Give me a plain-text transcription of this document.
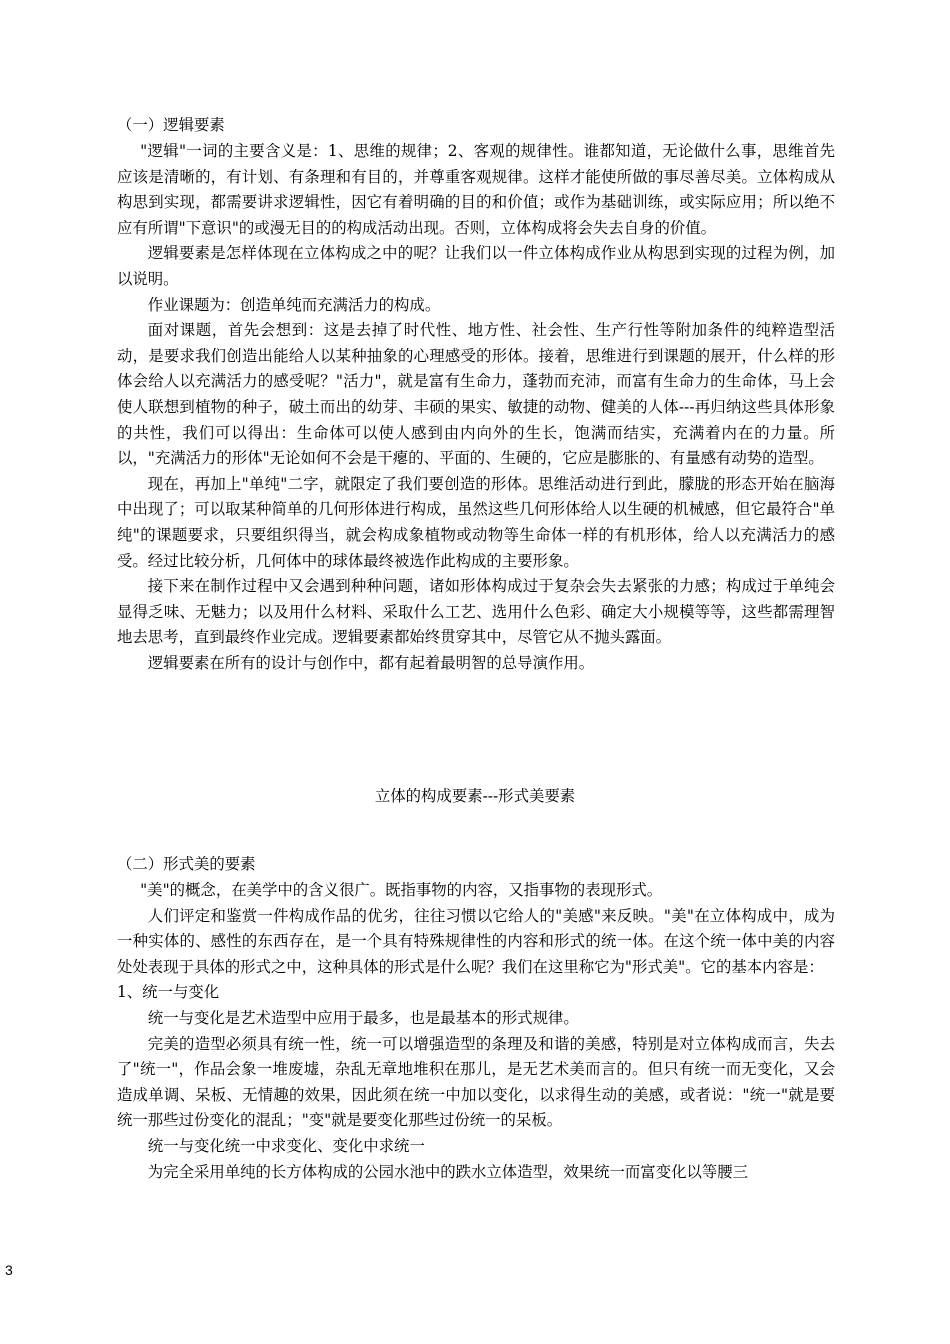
（一）逻辑要素

"逻辑"一词的主要含义是：1、思维的规律；2、客观的规律性。谁都知道，无论做什么事，思维首先应该是清晰的，有计划、有条理和有目的，并尊重客观规律。这样才能使所做的事尽善尽美。立体构成从构思到实现，都需要讲求逻辑性，因它有着明确的目的和价值；或作为基础训练，或实际应用；所以绝不应有所谓"下意识"的或漫无目的的构成活动出现。否则，立体构成将会失去自身的价值。

逻辑要素是怎样体现在立体构成之中的呢？让我们以一件立体构成作业从构思到实现的过程为例，加以说明。

作业课题为：创造单纯而充满活力的构成。

面对课题，首先会想到：这是去掉了时代性、地方性、社会性、生产行性等附加条件的纯粹造型活动，是要求我们创造出能给人以某种抽象的心理感受的形体。接着，思维进行到课题的展开，什么样的形体会给人以充满活力的感受呢？"活力"，就是富有生命力，蓬勃而充沛，而富有生命力的生命体，马上会使人联想到植物的种子，破土而出的幼芽、丰硕的果实、敏捷的动物、健美的人体---再归纳这些具体形象的共性，我们可以得出：生命体可以使人感到由内向外的生长，饱满而结实，充满着内在的力量。所以，"充满活力的形体"无论如何不会是干瘪的、平面的、生硬的，它应是膨胀的、有量感有动势的造型。

现在，再加上"单纯"二字，就限定了我们要创造的形体。思维活动进行到此，朦胧的形态开始在脑海中出现了；可以取某种简单的几何形体进行构成，虽然这些几何形体给人以生硬的机械感，但它最符合"单纯"的课题要求，只要组织得当，就会构成象植物或动物等生命体一样的有机形体，给人以充满活力的感受。经过比较分析，几何体中的球体最终被选作此构成的主要形象。

接下来在制作过程中又会遇到种种问题，诸如形体构成过于复杂会失去紧张的力感；构成过于单纯会显得乏味、无魅力；以及用什么材料、采取什么工艺、选用什么色彩、确定大小规模等等，这些都需理智地去思考，直到最终作业完成。逻辑要素都始终贯穿其中，尽管它从不抛头露面。

逻辑要素在所有的设计与创作中，都有起着最明智的总导演作用。

立体的构成要素---形式美要素
（二）形式美的要素

"美"的概念，在美学中的含义很广。既指事物的内容，又指事物的表现形式。

人们评定和鉴赏一件构成作品的优劣，往往习惯以它给人的"美感"来反映。"美"在立体构成中，成为一种实体的、感性的东西存在，是一个具有特殊规律性的内容和形式的统一体。在这个统一体中美的内容处处表现于具体的形式之中，这种具体的形式是什么呢？我们在这里称它为"形式美"。它的基本内容是：

1、统一与变化

统一与变化是艺术造型中应用于最多，也是最基本的形式规律。

完美的造型必须具有统一性，统一可以增强造型的条理及和谐的美感，特别是对立体构成而言，失去了"统一"，作品会象一堆废墟，杂乱无章地堆积在那儿，是无艺术美而言的。但只有统一而无变化，又会造成单调、呆板、无情趣的效果，因此须在统一中加以变化，以求得生动的美感，或者说："统一"就是要统一那些过份变化的混乱；"变"就是要变化那些过份统一的呆板。

统一与变化统一中求变化、变化中求统一

为完全采用单纯的长方体构成的公园水池中的跌水立体造型，效果统一而富变化以等腰三

3
